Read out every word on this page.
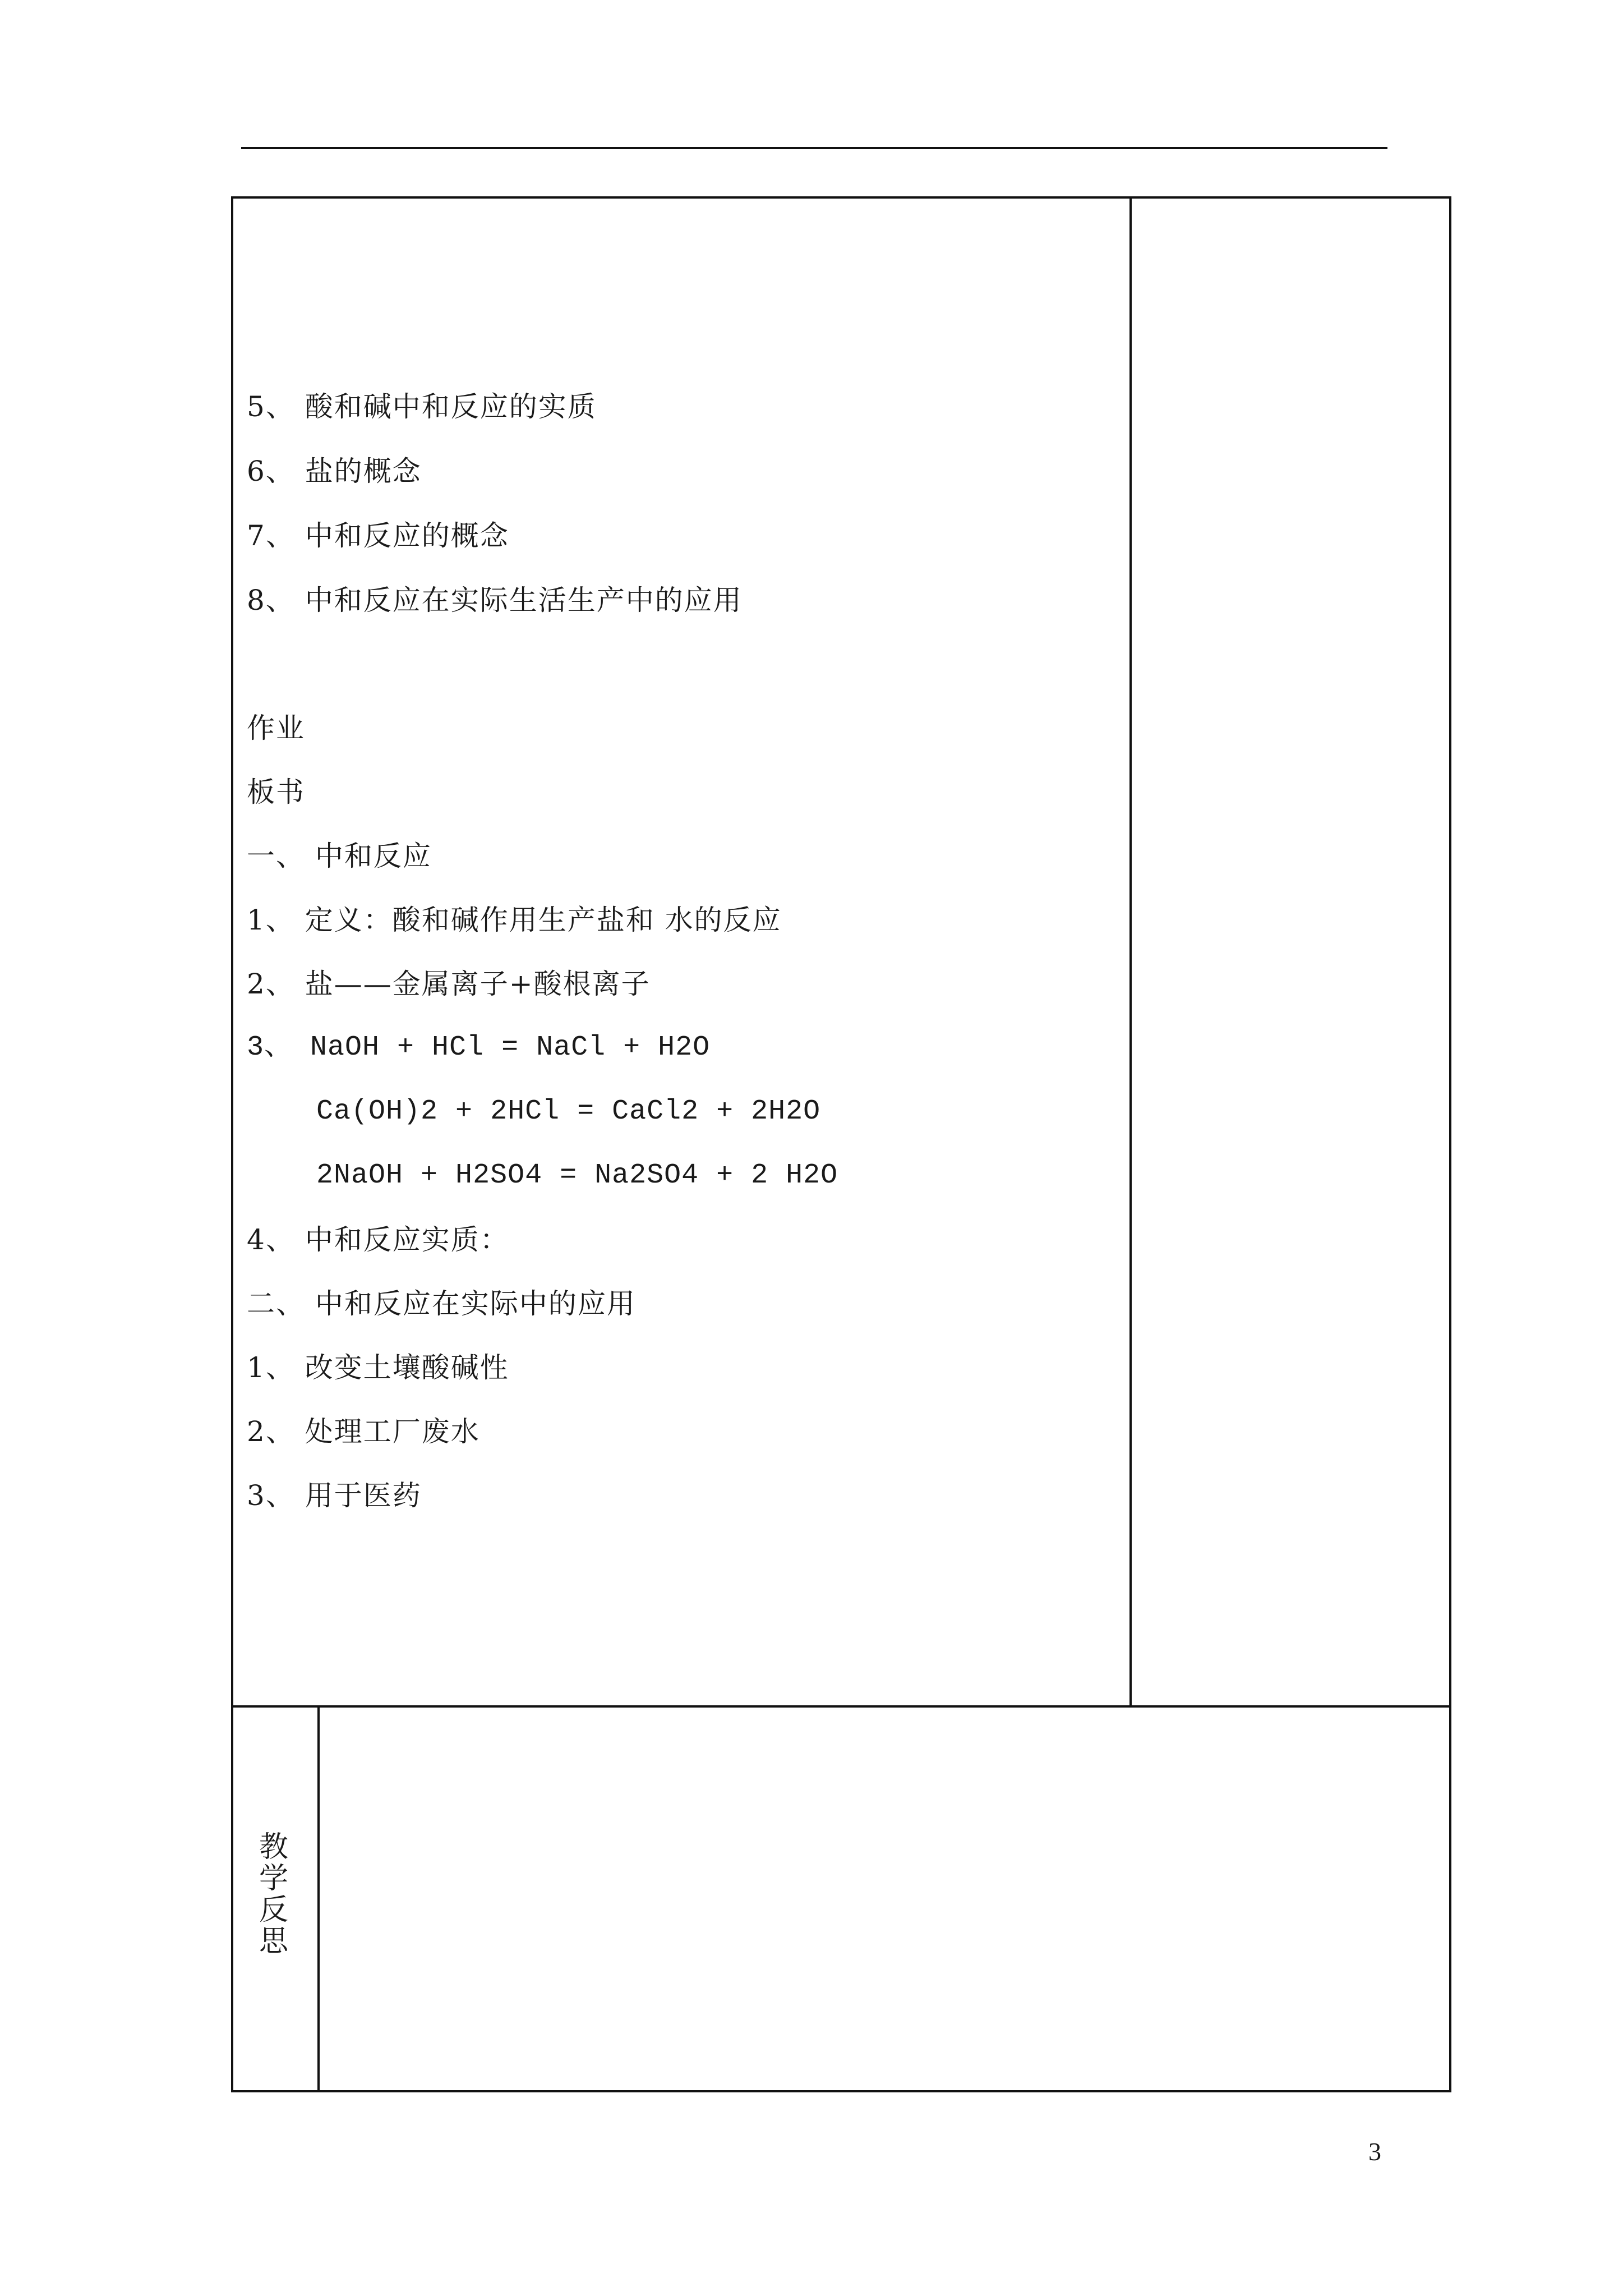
5、 酸和碱中和反应的实质
6、 盐的概念
7、 中和反应的概念
8、 中和反应在实际生活生产中的应用
作业
板书
一、 中和反应
1、 定义：酸和碱作用生产盐和 水的反应
2、 盐——金属离子+酸根离子
3、 NaOH + HCl = NaCl + H2O
Ca(OH)2 + 2HCl = CaCl2 + 2H2O
2NaOH + H2SO4 = Na2SO4 + 2 H2O
4、 中和反应实质：
二、 中和反应在实际中的应用
1、 改变土壤酸碱性
2、 处理工厂废水
3、 用于医药
教
学
反
思
3
